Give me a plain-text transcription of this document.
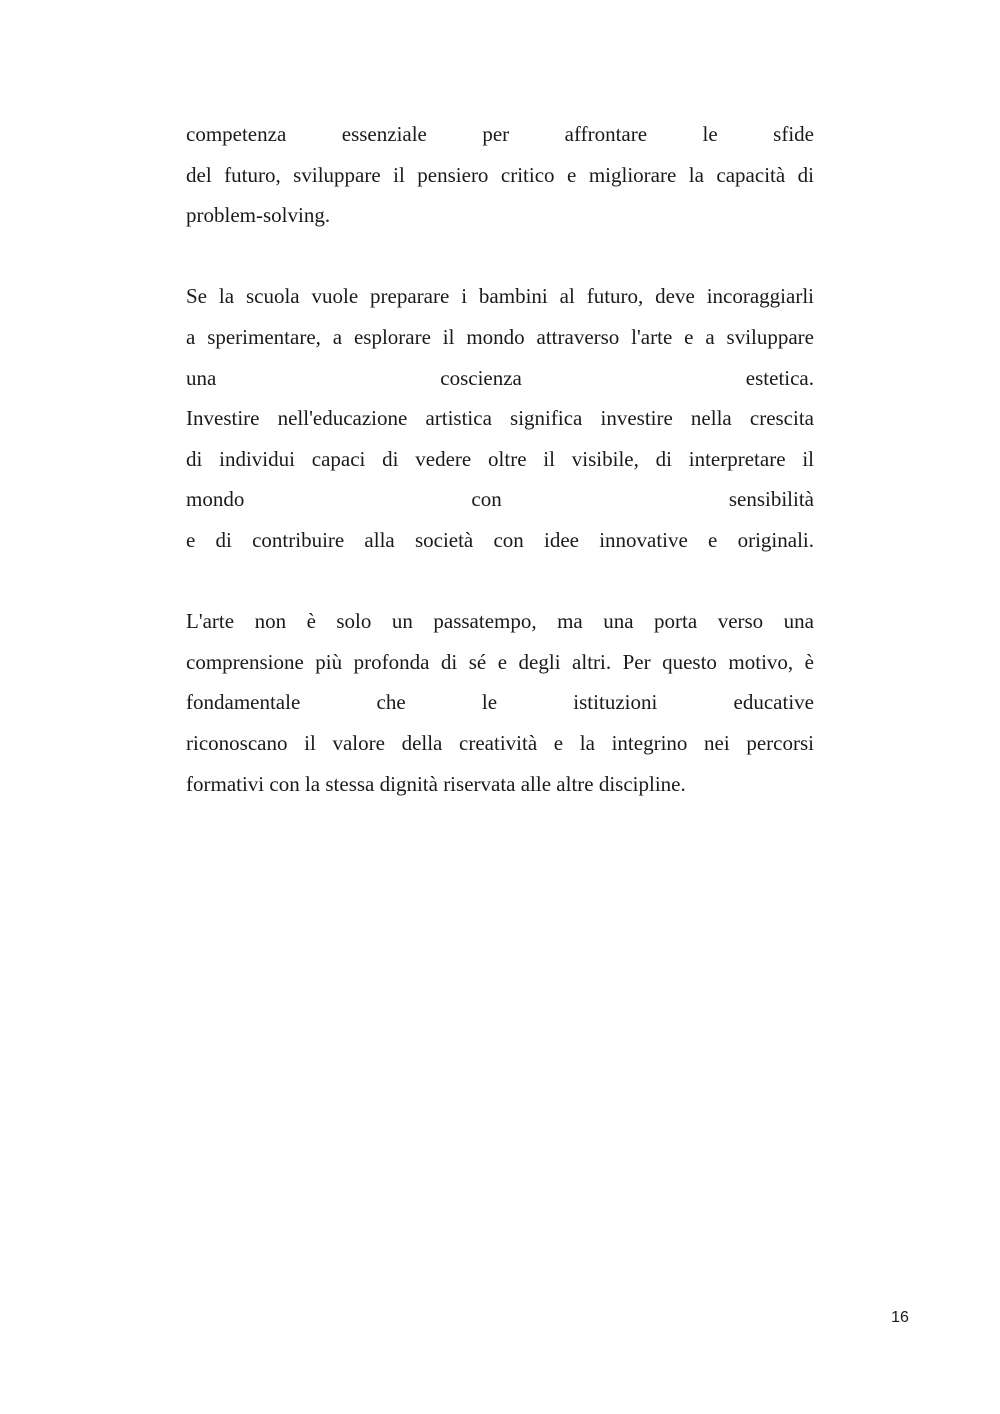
competenza essenziale per affrontare le sfide
del futuro, sviluppare il pensiero critico e migliorare la capacità di
problem-solving.
Se la scuola vuole preparare i bambini al futuro, deve incoraggiarli
a sperimentare, a esplorare il mondo attraverso l'arte e a sviluppare
una coscienza estetica.
Investire nell'educazione artistica significa investire nella crescita
di individui capaci di vedere oltre il visibile, di interpretare il
mondo con sensibilità
e di contribuire alla società con idee innovative e originali.
L'arte non è solo un passatempo, ma una porta verso una
comprensione più profonda di sé e degli altri. Per questo motivo, è
fondamentale che le istituzioni educative
riconoscano il valore della creatività e la integrino nei percorsi
formativi con la stessa dignità riservata alle altre discipline.
16
